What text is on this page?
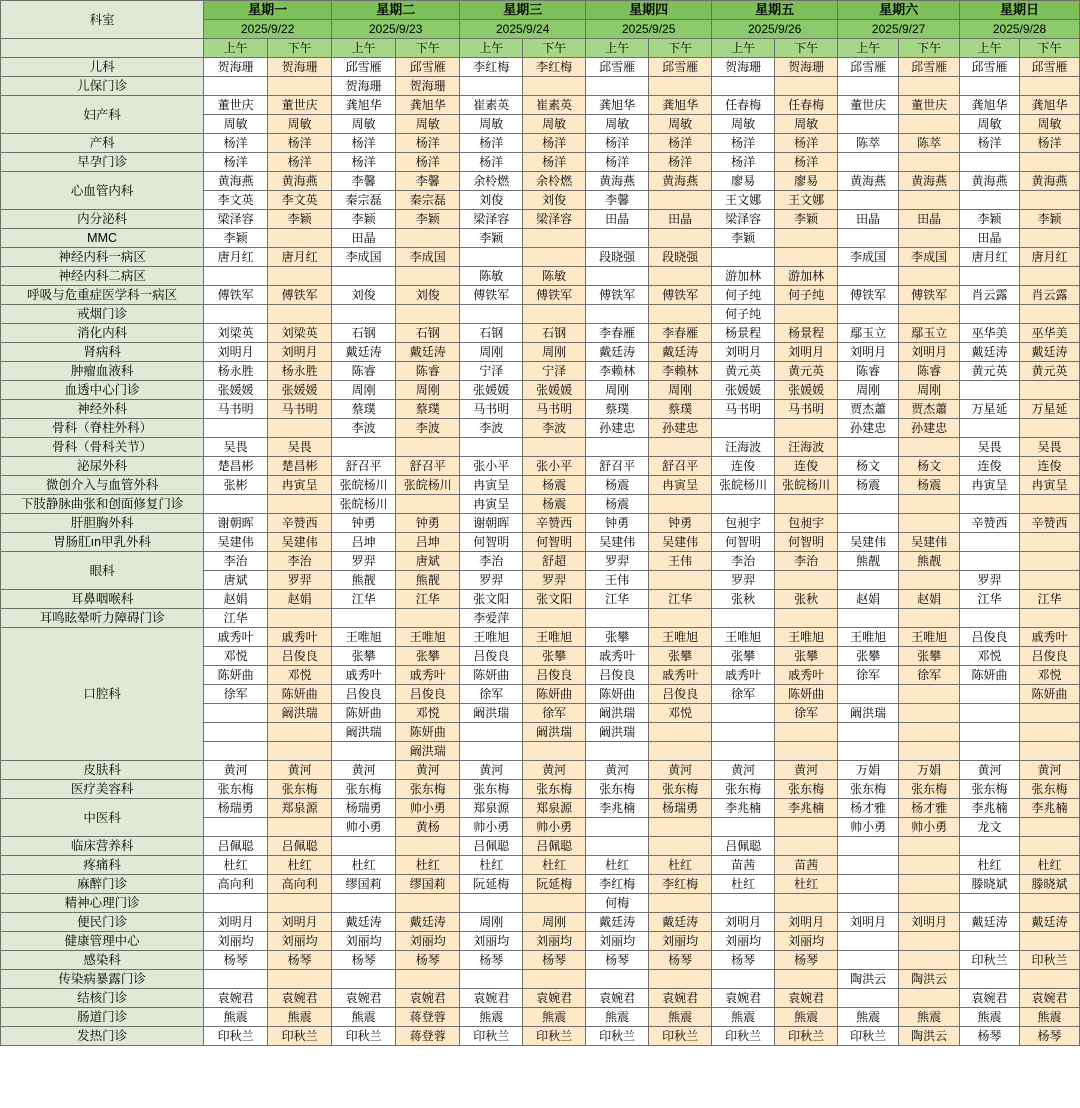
科室	星期一		星期二		星期三		星期四		星期五		星期六		星期日	
	2025/9/22		2025/9/23		2025/9/24		2025/9/25		2025/9/26		2025/9/27		2025/9/28	
	上午	下午	上午	下午	上午	下午	上午	下午	上午	下午	上午	下午	上午	下午
儿科	贺海珊	贺海珊	邱雪雁	邱雪雁	李红梅	李红梅	邱雪雁	邱雪雁	贺海珊	贺海珊	邱雪雁	邱雪雁	邱雪雁	邱雪雁
儿保门诊			贺海珊	贺海珊										
妇产科	董世庆	董世庆	龚旭华	龚旭华	崔素英	崔素英	龚旭华	龚旭华	任春梅	任春梅	董世庆	董世庆	龚旭华	龚旭华
	周敏	周敏	周敏	周敏	周敏	周敏	周敏	周敏	周敏	周敏			周敏	周敏
产科	杨洋	杨洋	杨洋	杨洋	杨洋	杨洋	杨洋	杨洋	杨洋	杨洋	陈萃	陈萃	杨洋	杨洋
早孕门诊	杨洋	杨洋	杨洋	杨洋	杨洋	杨洋	杨洋	杨洋	杨洋	杨洋				
心血管内科	黄海燕	黄海燕	李馨	李馨	余柃燃	余柃燃	黄海燕	黄海燕	廖易	廖易	黄海燕	黄海燕	黄海燕	黄海燕
	李文英	李文英	秦宗磊	秦宗磊	刘俊	刘俊	李馨		王文娜	王文娜				
内分泌科	梁泽容	李颖	李颖	李颖	梁泽容	梁泽容	田晶	田晶	梁泽容	李颖	田晶	田晶	李颖	李颖
MMC	李颖		田晶		李颖				李颖				田晶	
神经内科一病区	唐月红	唐月红	李成国	李成国			段晓强	段晓强			李成国	李成国	唐月红	唐月红
神经内科二病区					陈敏	陈敏			游加林	游加林				
呼吸与危重症医学科一病区	傅铁军	傅铁军	刘俊	刘俊	傅铁军	傅铁军	傅铁军	傅铁军	何子纯	何子纯	傅铁军	傅铁军	肖云露	肖云露
戒烟门诊									何子纯					
消化内科	刘梁英	刘梁英	石钢	石钢	石钢	石钢	李春雁	李春雁	杨景程	杨景程	鄢玉立	鄢玉立	巫华美	巫华美
肾病科	刘明月	刘明月	戴廷涛	戴廷涛	周刚	周刚	戴廷涛	戴廷涛	刘明月	刘明月	刘明月	刘明月	戴廷涛	戴廷涛
肿瘤血液科	杨永胜	杨永胜	陈睿	陈睿	宁泽	宁泽	李赖林	李赖林	黄元英	黄元英	陈睿	陈睿	黄元英	黄元英
血透中心门诊	张媛媛	张媛媛	周刚	周刚	张媛媛	张媛媛	周刚	周刚	张媛媛	张媛媛	周刚	周刚		
神经外科	马书明	马书明	蔡璞	蔡璞	马书明	马书明	蔡璞	蔡璞	马书明	马书明	贾杰蕭	贾杰蕭	万星延	万星延
骨科（脊柱外科）			李波	李波	李波	李波	孙建忠	孙建忠			孙建忠	孙建忠		
骨科（骨科关节）	吴畏	吴畏							汪海波	汪海波			吴畏	吴畏
泌尿外科	楚昌彬	楚昌彬	舒召平	舒召平	张小平	张小平	舒召平	舒召平	连俊	连俊	杨文	杨文	连俊	连俊
微创介入与血管外科	张彬	冉寅呈	张皖杨川	张皖杨川	冉寅呈	杨震	杨震	冉寅呈	张皖杨川	张皖杨川	杨震	杨震	冉寅呈	冉寅呈
下肢静脉曲张和创面修复门诊			张皖杨川		冉寅呈	杨震	杨震							
肝胆胸外科	谢朝晖	辛赞西	钟勇	钟勇	谢朝晖	辛赞西	钟勇	钟勇	包昶宇	包昶宇			辛赞西	辛赞西
胃肠肛ın甲乳外科	吴建伟	吴建伟	吕坤	吕坤	何智明	何智明	吴建伟	吴建伟	何智明	何智明	吴建伟	吴建伟		
眼科	李治	李治	罗羿	唐斌	李治	舒超	罗羿	王伟	李治	李治	熊靓	熊靓		
	唐斌	罗羿	熊靓	熊靓	罗羿	罗羿	王伟		罗羿				罗羿	
耳鼻咽喉科	赵娟	赵娟	江华	江华	张文阳	张文阳	江华	江华	张秋	张秋	赵娟	赵娟	江华	江华
耳鸣眩晕听力障碍门诊	江华				李爱萍									
口腔科	戚秀叶	戚秀叶	王唯旭	王唯旭	王唯旭	王唯旭	张攀	王唯旭	王唯旭	王唯旭	王唯旭	王唯旭	吕俊良	戚秀叶
	邓悦	吕俊良	张攀	张攀	吕俊良	张攀	戚秀叶	张攀	张攀	张攀	张攀	张攀	邓悦	吕俊良
	陈妍曲	邓悦	戚秀叶	戚秀叶	陈妍曲	吕俊良	吕俊良	戚秀叶	戚秀叶	戚秀叶	徐军	徐军	陈妍曲	邓悦
	徐军	陈妍曲	吕俊良	吕俊良	徐军	陈妍曲	陈妍曲	吕俊良	徐军	陈妍曲				陈妍曲
		阚洪瑞	陈妍曲	邓悦	阚洪瑞	徐军	阚洪瑞	邓悦		徐军	阚洪瑞			
			阚洪瑞	陈妍曲		阚洪瑞	阚洪瑞							
				阚洪瑞										
皮肤科	黄河	黄河	黄河	黄河	黄河	黄河	黄河	黄河	黄河	黄河	万娟	万娟	黄河	黄河
医疗美容科	张东梅	张东梅	张东梅	张东梅	张东梅	张东梅	张东梅	张东梅	张东梅	张东梅	张东梅	张东梅	张东梅	张东梅
中医科	杨瑞勇	郑泉源	杨瑞勇	帅小勇	郑泉源	郑泉源	李兆楠	杨瑞勇	李兆楠	李兆楠	杨才雅	杨才雅	李兆楠	李兆楠
			帅小勇	黄杨	帅小勇	帅小勇					帅小勇	帅小勇	龙文	
临床营养科	吕佩聪	吕佩聪			吕佩聪	吕佩聪			吕佩聪					
疼痛科	杜红	杜红	杜红	杜红	杜红	杜红	杜红	杜红	苗茜	苗茜			杜红	杜红
麻醉门诊	高向利	高向利	缪国莉	缪国莉	阮延梅	阮延梅	李红梅	李红梅	杜红	杜红			滕晓斌	滕晓斌
精神心理门诊							何梅							
便民门诊	刘明月	刘明月	戴廷涛	戴廷涛	周刚	周刚	戴廷涛	戴廷涛	刘明月	刘明月	刘明月	刘明月	戴廷涛	戴廷涛
健康管理中心	刘丽均	刘丽均	刘丽均	刘丽均	刘丽均	刘丽均	刘丽均	刘丽均	刘丽均	刘丽均				
感染科	杨琴	杨琴	杨琴	杨琴	杨琴	杨琴	杨琴	杨琴	杨琴	杨琴			印秋兰	印秋兰
传染病暴露门诊											陶洪云	陶洪云		
结核门诊	袁婉君	袁婉君	袁婉君	袁婉君	袁婉君	袁婉君	袁婉君	袁婉君	袁婉君	袁婉君			袁婉君	袁婉君
肠道门诊	熊震	熊震	熊震	蒋登蓉	熊震	熊震	熊震	熊震	熊震	熊震	熊震	熊震	熊震	熊震
发热门诊	印秋兰	印秋兰	印秋兰	蒋登蓉	印秋兰	印秋兰	印秋兰	印秋兰	印秋兰	印秋兰	印秋兰	陶洪云	杨琴	杨琴
